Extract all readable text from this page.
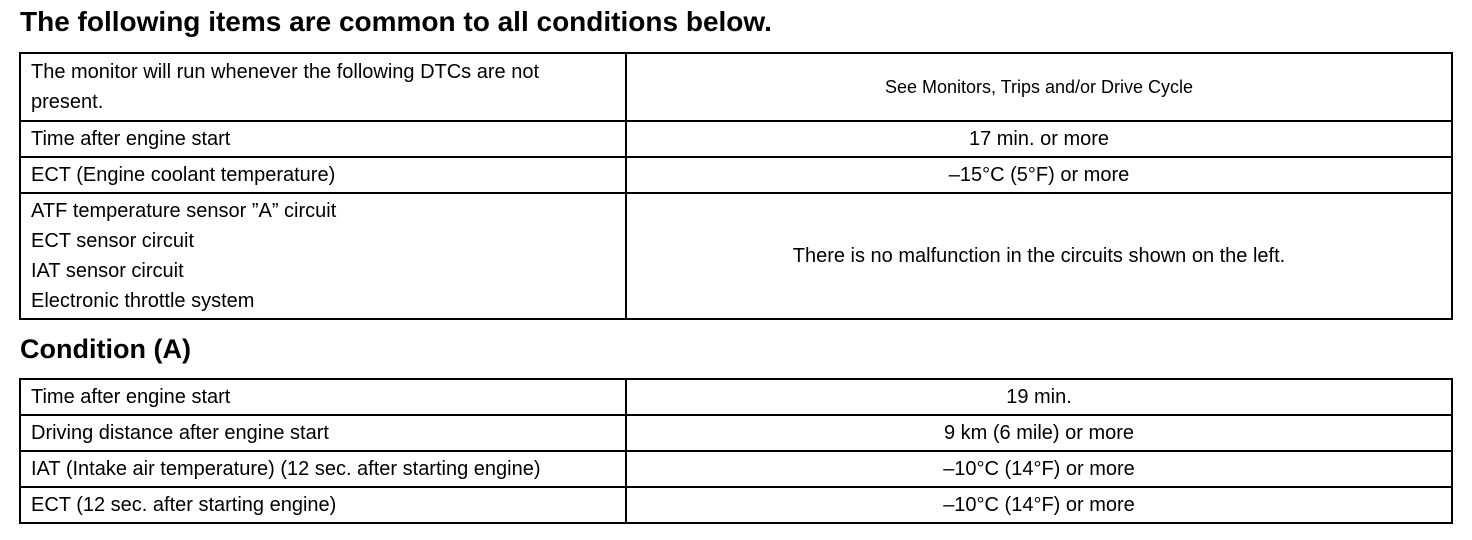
The following items are common to all conditions below.
The monitor will run whenever the following DTCs are not present.	See Monitors, Trips and/or Drive Cycle
Time after engine start	17 min. or more
ECT (Engine coolant temperature)	–15°C (5°F) or more

ATF temperature sensor ”A” circuit
ECT sensor circuit
IAT sensor circuit
Electronic throttle system	There is no malfunction in the circuits shown on the left.
Condition (A)
Time after engine start	19 min.
Driving distance after engine start	9 km (6 mile) or more
IAT (Intake air temperature) (12 sec. after starting engine)	–10°C (14°F) or more
ECT (12 sec. after starting engine)	–10°C (14°F) or more
